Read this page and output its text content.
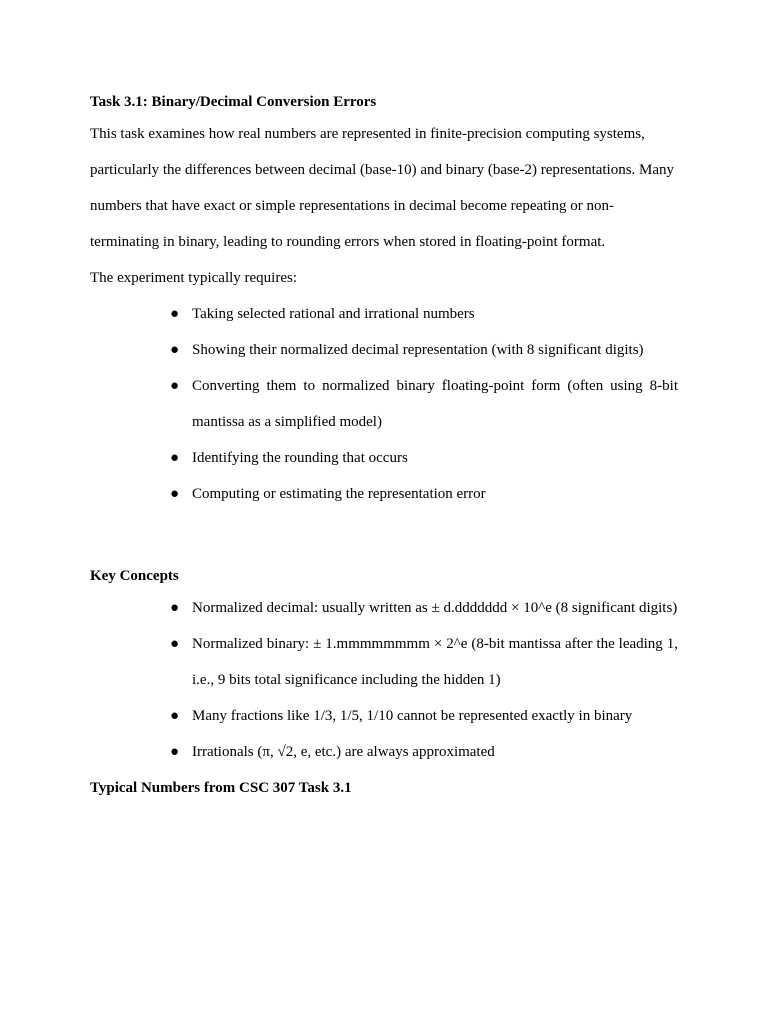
Task 3.1: Binary/Decimal Conversion Errors

This task examines how real numbers are represented in finite-precision computing systems, particularly the differences between decimal (base-10) and binary (base-2) representations. Many numbers that have exact or simple representations in decimal become repeating or non-terminating in binary, leading to rounding errors when stored in floating-point format.

The experiment typically requires:

● Taking selected rational and irrational numbers
● Showing their normalized decimal representation (with 8 significant digits)
● Converting them to normalized binary floating-point form (often using 8-bit mantissa as a simplified model)
● Identifying the rounding that occurs
● Computing or estimating the representation error

Key Concepts

● Normalized decimal: usually written as ± d.ddddddd × 10^e (8 significant digits)
● Normalized binary: ± 1.mmmmmmmm × 2^e (8-bit mantissa after the leading 1, i.e., 9 bits total significance including the hidden 1)
● Many fractions like 1/3, 1/5, 1/10 cannot be represented exactly in binary
● Irrationals (π, √2, e, etc.) are always approximated

Typical Numbers from CSC 307 Task 3.1
